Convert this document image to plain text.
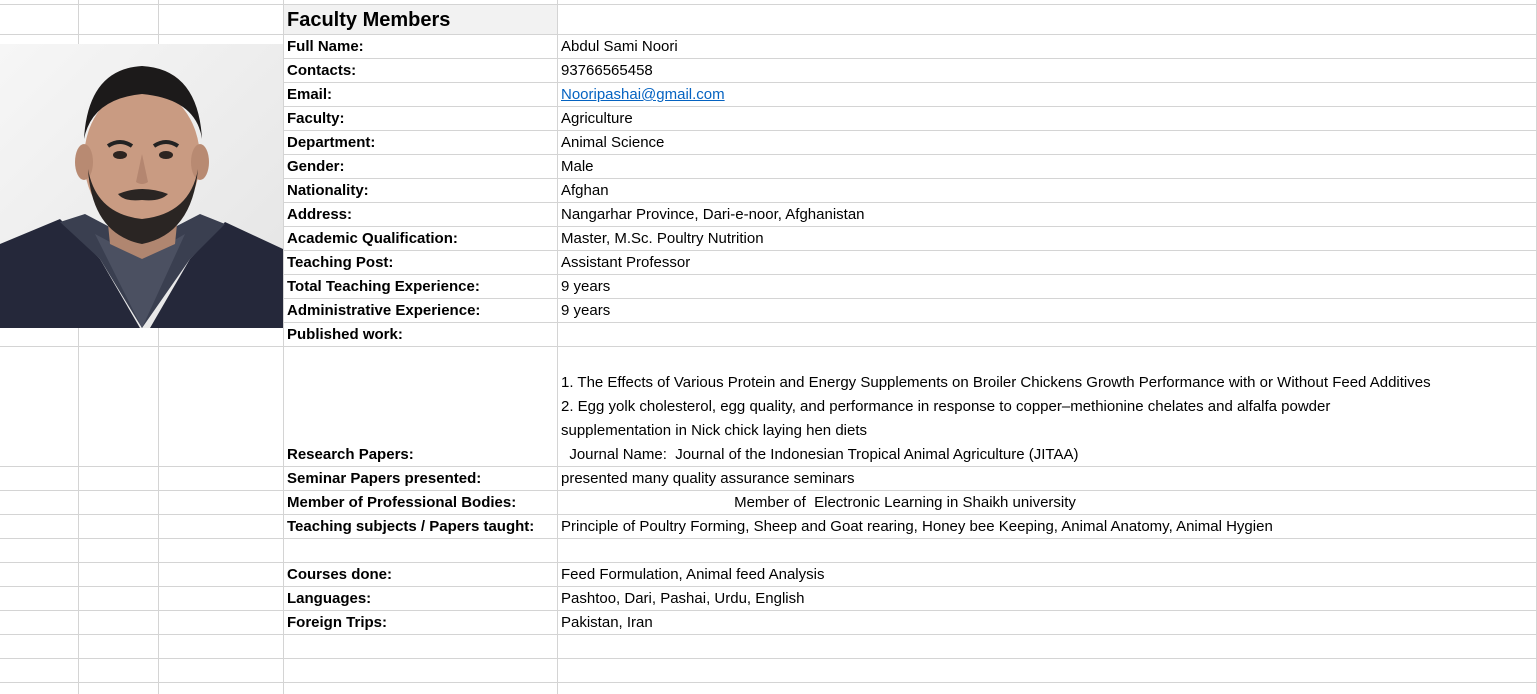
Faculty Members
Full Name:	Abdul Sami Noori
Contacts:	93766565458
Email:	Nooripashai@gmail.com
Faculty:	Agriculture
Department:	Animal Science
Gender:	Male
Nationality:	Afghan
Address:	Nangarhar Province, Dari-e-noor, Afghanistan
Academic Qualification:	Master, M.Sc. Poultry Nutrition
Teaching Post:	Assistant Professor
Total Teaching Experience:	9 years
Administrative Experience:	9 years
Published work:
1. The Effects of Various Protein and Energy Supplements on Broiler Chickens Growth Performance with or Without Feed Additives
2. Egg yolk cholesterol, egg quality, and performance in response to copper–methionine chelates and alfalfa powder
supplementation in Nick chick laying hen diets
Research Papers:	Journal Name:  Journal of the Indonesian Tropical Animal Agriculture (JITAA)
Seminar Papers presented:	presented many quality assurance seminars
Member of Professional Bodies:	Member of  Electronic Learning in Shaikh university
Teaching subjects / Papers taught: Principle of Poultry Forming, Sheep and Goat rearing, Honey bee Keeping, Animal Anatomy, Animal Hygien
Courses done:	Feed Formulation, Animal feed Analysis
Languages:	Pashtoo, Dari, Pashai, Urdu, English
Foreign Trips:	Pakistan, Iran
